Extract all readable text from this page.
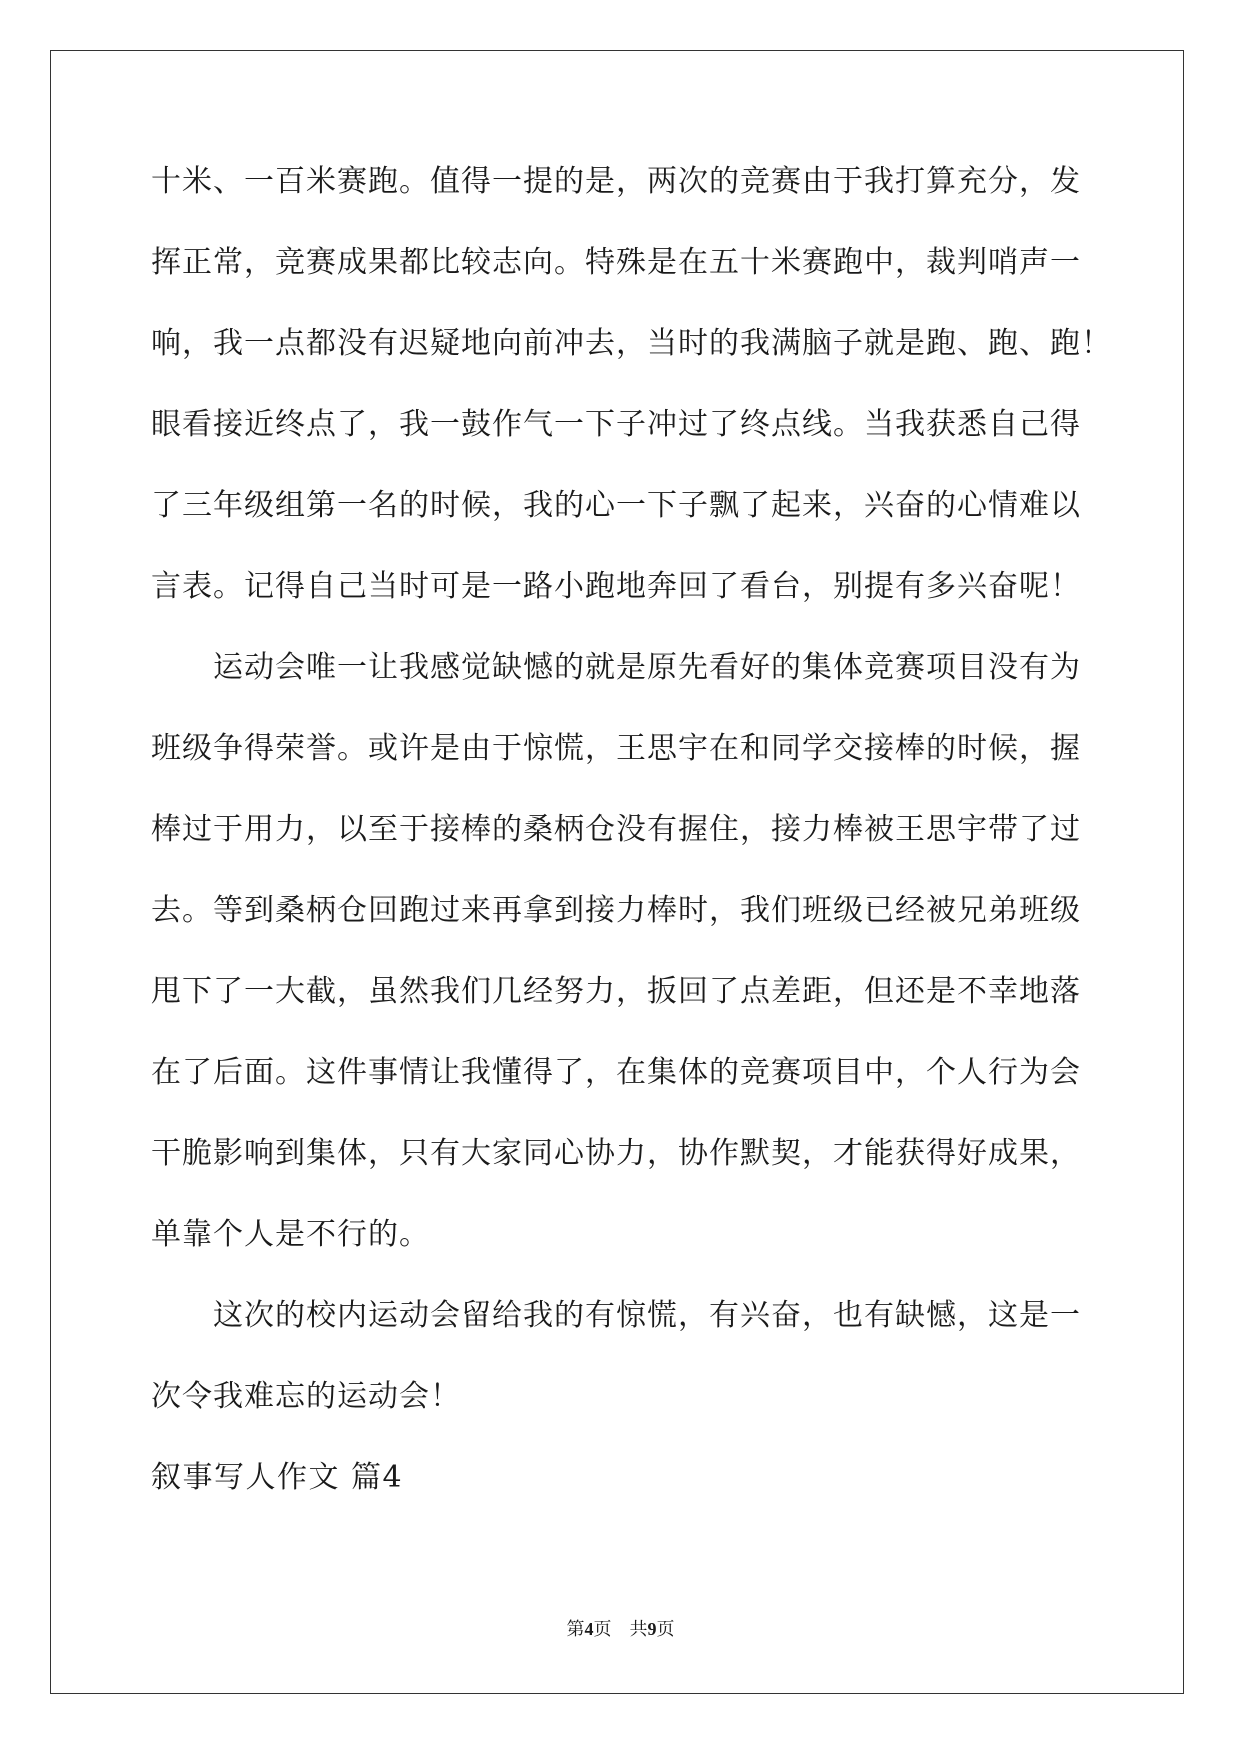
十米、一百米赛跑。值得一提的是，两次的竞赛由于我打算充分，发
挥正常，竞赛成果都比较志向。特殊是在五十米赛跑中，裁判哨声一
响，我一点都没有迟疑地向前冲去，当时的我满脑子就是跑、跑、跑！
眼看接近终点了，我一鼓作气一下子冲过了终点线。当我获悉自己得
了三年级组第一名的时候，我的心一下子飘了起来，兴奋的心情难以
言表。记得自己当时可是一路小跑地奔回了看台，别提有多兴奋呢！
　　运动会唯一让我感觉缺憾的就是原先看好的集体竞赛项目没有为
班级争得荣誉。或许是由于惊慌，王思宇在和同学交接棒的时候，握
棒过于用力，以至于接棒的桑柄仓没有握住，接力棒被王思宇带了过
去。等到桑柄仓回跑过来再拿到接力棒时，我们班级已经被兄弟班级
甩下了一大截，虽然我们几经努力，扳回了点差距，但还是不幸地落
在了后面。这件事情让我懂得了，在集体的竞赛项目中，个人行为会
干脆影响到集体，只有大家同心协力，协作默契，才能获得好成果，
单靠个人是不行的。
　　这次的校内运动会留给我的有惊慌，有兴奋，也有缺憾，这是一
次令我难忘的运动会！
叙事写人作文 篇4
第4页　共9页
